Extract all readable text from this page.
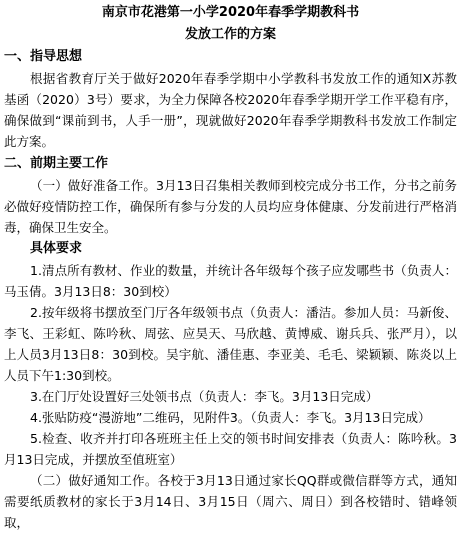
南京市花港第一小学2020年春季学期教科书
发放工作的方案
一、指导思想

根据省教育厅关于做好2020年春季学期中小学教科书发放工作的通知X苏教基函（2020）3号）要求，为全力保障各校2020年春季学期开学工作平稳有序，确保做到“课前到书，人手一册”，现就做好2020年春季学期教科书发放工作制定此方案。

二、前期主要工作

（一）做好准备工作。3月13日召集相关教师到校完成分书工作，分书之前务必做好疫情防控工作，确保所有参与分发的人员均应身体健康、分发前进行严格消毒，确保卫生安全。

具体要求

1.清点所有教材、作业的数量，并统计各年级每个孩子应发哪些书（负责人：马玉倩。3月13日8：30到校）

2.按年级将书摆放至门厅各年级领书点（负责人：潘洁。参加人员：马新俊、李飞、王彩虹、陈吟秋、周弦、应昊天、马欣越、黄博威、谢兵兵、张严月），以上人员3月13日8：30到校。吴宇航、潘佳惠、李亚美、毛毛、梁颖颖、陈炎以上人员下午1:30到校。

3.在门厅处设置好三处领书点（负责人：李飞。3月13日完成）

4.张贴防疫“漫游地”二维码，见附件3。（负责人：李飞。3月13日完成）

5.检查、收齐并打印各班班主任上交的领书时间安排表（负责人：陈吟秋。3月13日完成，并摆放至值班室）

（二）做好通知工作。各校于3月13日通过家长QQ群或微信群等方式，通知需要纸质教材的家长于3月14日、3月15日（周六、周日）到各校错时、错峰领取，
